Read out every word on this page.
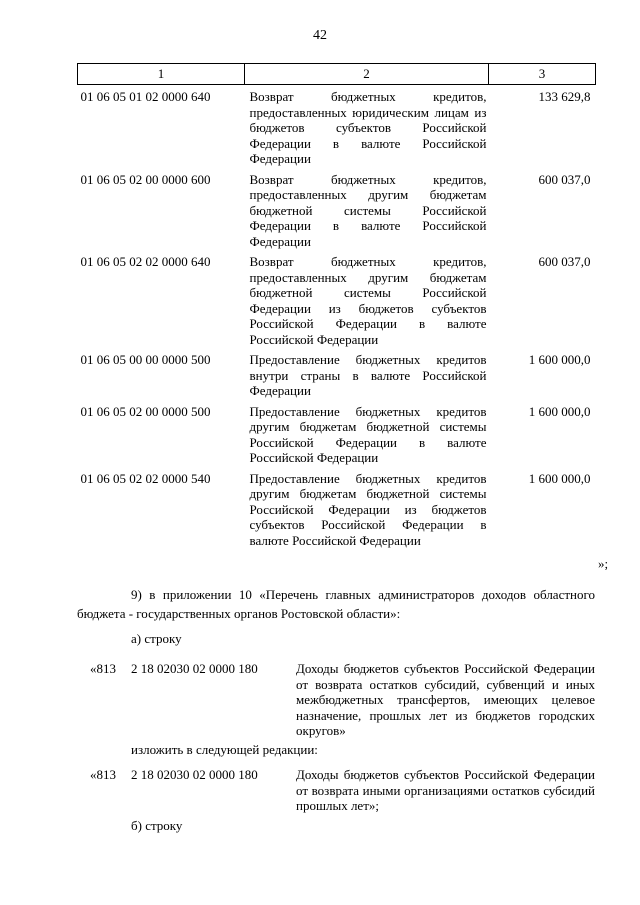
42
1	2	3
01 06 05 01 02 0000 640	Возврат бюджетных кредитов, предоставленных юридическим лицам из бюджетов субъектов Российской Федерации в валюте Российской Федерации	133 629,8
01 06 05 02 00 0000 600	Возврат бюджетных кредитов, предоставленных другим бюджетам бюджетной системы Российской Федерации в валюте Российской Федерации	600 037,0
01 06 05 02 02 0000 640	Возврат бюджетных кредитов, предоставленных другим бюджетам бюджетной системы Российской Федерации из бюджетов субъектов Российской Федерации в валюте Российской Федерации	600 037,0
01 06 05 00 00 0000 500	Предоставление бюджетных кредитов внутри страны в валюте Российской Федерации	1 600 000,0
01 06 05 02 00 0000 500	Предоставление бюджетных кредитов другим бюджетам бюджетной системы Российской Федерации в валюте Российской Федерации	1 600 000,0
01 06 05 02 02 0000 540	Предоставление бюджетных кредитов другим бюджетам бюджетной системы Российской Федерации из бюджетов субъектов Российской Федерации в валюте Российской Федерации	1 600 000,0
»;

9) в приложении 10 «Перечень главных администраторов доходов областного бюджета - государственных органов Ростовской области»:

а) строку

«813 2 18 02030 02 0000 180	Доходы бюджетов субъектов Российской Федерации от возврата остатков субсидий, субвенций и иных межбюджетных трансфертов, имеющих целевое назначение, прошлых лет из бюджетов городских округов»

изложить в следующей редакции:

«813 2 18 02030 02 0000 180	Доходы бюджетов субъектов Российской Федерации от возврата иными организациями остатков субсидий прошлых лет»;

б) строку
